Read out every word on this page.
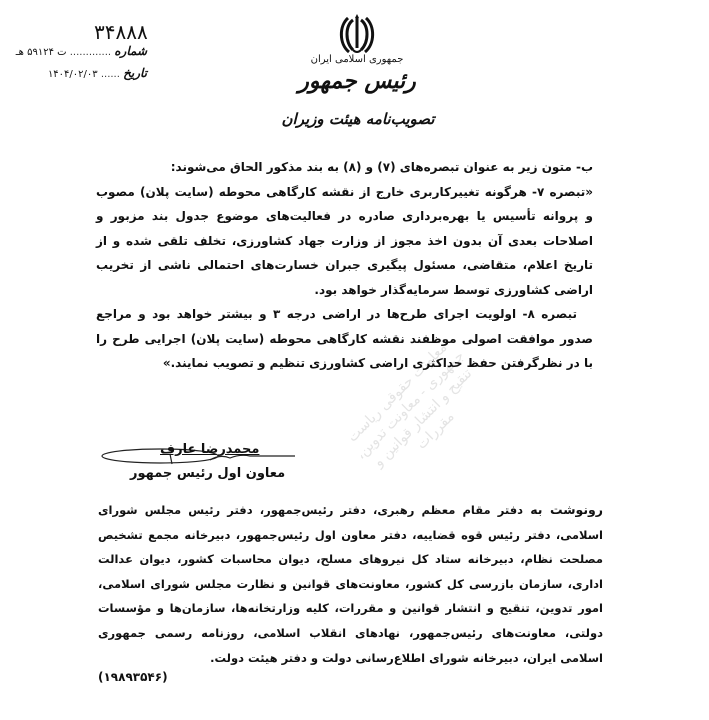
معاونت حقوقی ریاست جمهوری - معاونت تدوین، تنقیح و انتشار قوانین و مقررات
جمهوری اسلامی ایران
رئیس جمهور
تصویب‌نامه هیئت وزیران
۳۴۸۸۸
شماره ............. ت ۵۹۱۲۴ هـ
تاریخ ...... ۱۴۰۴/۰۲/۰۳

ب- متون زیر به عنوان تبصره‌های (۷) و (۸) به بند مذکور الحاق می‌شوند:

«تبصره ۷- هرگونه تغییرکاربری خارج از نقشه کارگاهی محوطه (سایت پلان) مصوب و پروانه تأسیس یا بهره‌برداری صادره در فعالیت‌های موضوع جدول بند مزبور و اصلاحات بعدی آن بدون اخذ مجوز از وزارت جهاد کشاورزی، تخلف تلقی شده و از تاریخ اعلام، متقاضی، مسئول پیگیری جبران خسارت‌های احتمالی ناشی از تخریب اراضی کشاورزی توسط سرمایه‌گذار خواهد بود.

تبصره ۸- اولویت اجرای طرح‌ها در اراضی درجه ۳ و بیشتر خواهد بود و مراجع صدور موافقت اصولی موظفند نقشه کارگاهی محوطه (سایت پلان) اجرایی طرح را با در نظرگرفتن حفظ حداکثری اراضی کشاورزی تنظیم و تصویب نمایند.»

محمدرضا عارف
معاون اول رئیس جمهور

رونوشت به دفتر مقام معظم رهبری، دفتر رئیس‌جمهور، دفتر رئیس مجلس شورای اسلامی، دفتر رئیس قوه قضاییه، دفتر معاون اول رئیس‌جمهور، دبیرخانه مجمع تشخیص مصلحت نظام، دبیرخانه ستاد کل نیروهای مسلح، دیوان محاسبات کشور، دیوان عدالت اداری، سازمان بازرسی کل کشور، معاونت‌های قوانین و نظارت مجلس شورای اسلامی، امور تدوین، تنقیح و انتشار قوانین و مقررات، کلیه وزارتخانه‌ها، سازمان‌ها و مؤسسات دولتی، معاونت‌های رئیس‌جمهور، نهادهای انقلاب اسلامی، روزنامه رسمی جمهوری اسلامی ایران، دبیرخانه شورای اطلاع‌رسانی دولت و دفتر هیئت دولت.

(۱۹۸۹۳۵۴۶)
